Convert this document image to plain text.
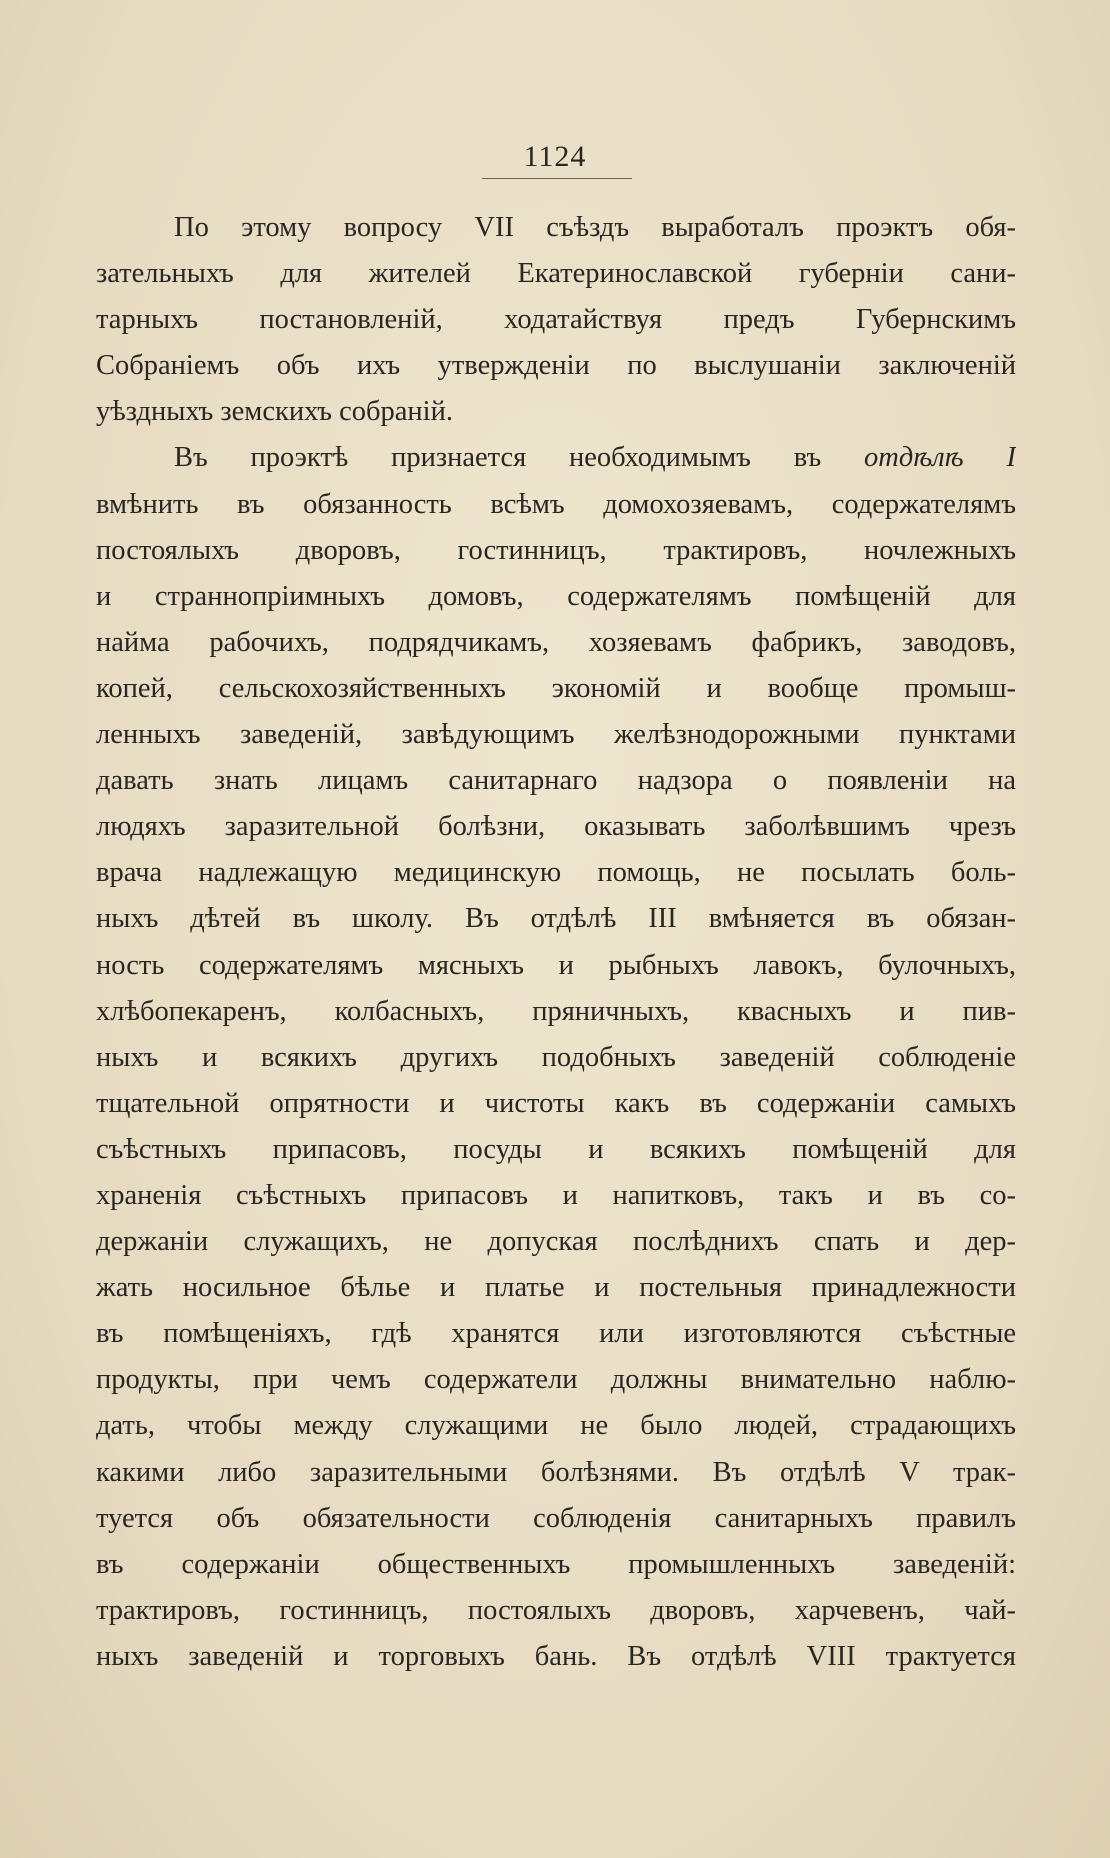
1124
По этому вопросу VII съѣздъ выработалъ проэктъ обя-
зательныхъ для жителей Екатеринославской губерніи сани-
тарныхъ постановленій, ходатайствуя предъ Губернскимъ
Собраніемъ объ ихъ утвержденіи по выслушаніи заключеній
уѣздныхъ земскихъ собраній.
Въ проэктѣ признается необходимымъ въ отдѣлѣ I
вмѣнить въ обязанность всѣмъ домохозяевамъ, содержателямъ
постоялыхъ дворовъ, гостинницъ, трактировъ, ночлежныхъ
и страннопріимныхъ домовъ, содержателямъ помѣщеній для
найма рабочихъ, подрядчикамъ, хозяевамъ фабрикъ, заводовъ,
копей, сельскохозяйственныхъ экономій и вообще промыш-
ленныхъ заведеній, завѣдующимъ желѣзнодорожными пунктами
давать знать лицамъ санитарнаго надзора о появленіи на
людяхъ заразительной болѣзни, оказывать заболѣвшимъ чрезъ
врача надлежащую медицинскую помощь, не посылать боль-
ныхъ дѣтей въ школу. Въ отдѣлѣ III вмѣняется въ обязан-
ность содержателямъ мясныхъ и рыбныхъ лавокъ, булочныхъ,
хлѣбопекаренъ, колбасныхъ, пряничныхъ, квасныхъ и пив-
ныхъ и всякихъ другихъ подобныхъ заведеній соблюденіе
тщательной опрятности и чистоты какъ въ содержаніи самыхъ
съѣстныхъ припасовъ, посуды и всякихъ помѣщеній для
храненія съѣстныхъ припасовъ и напитковъ, такъ и въ со-
держаніи служащихъ, не допуская послѣднихъ спать и дер-
жать носильное бѣлье и платье и постельныя принадлежности
въ помѣщеніяхъ, гдѣ хранятся или изготовляются съѣстные
продукты, при чемъ содержатели должны внимательно наблю-
дать, чтобы между служащими не было людей, страдающихъ
какими либо заразительными болѣзнями. Въ отдѣлѣ V трак-
туется объ обязательности соблюденія санитарныхъ правилъ
въ содержаніи общественныхъ промышленныхъ заведеній:
трактировъ, гостинницъ, постоялыхъ дворовъ, харчевенъ, чай-
ныхъ заведеній и торговыхъ бань. Въ отдѣлѣ VIII трактуется
